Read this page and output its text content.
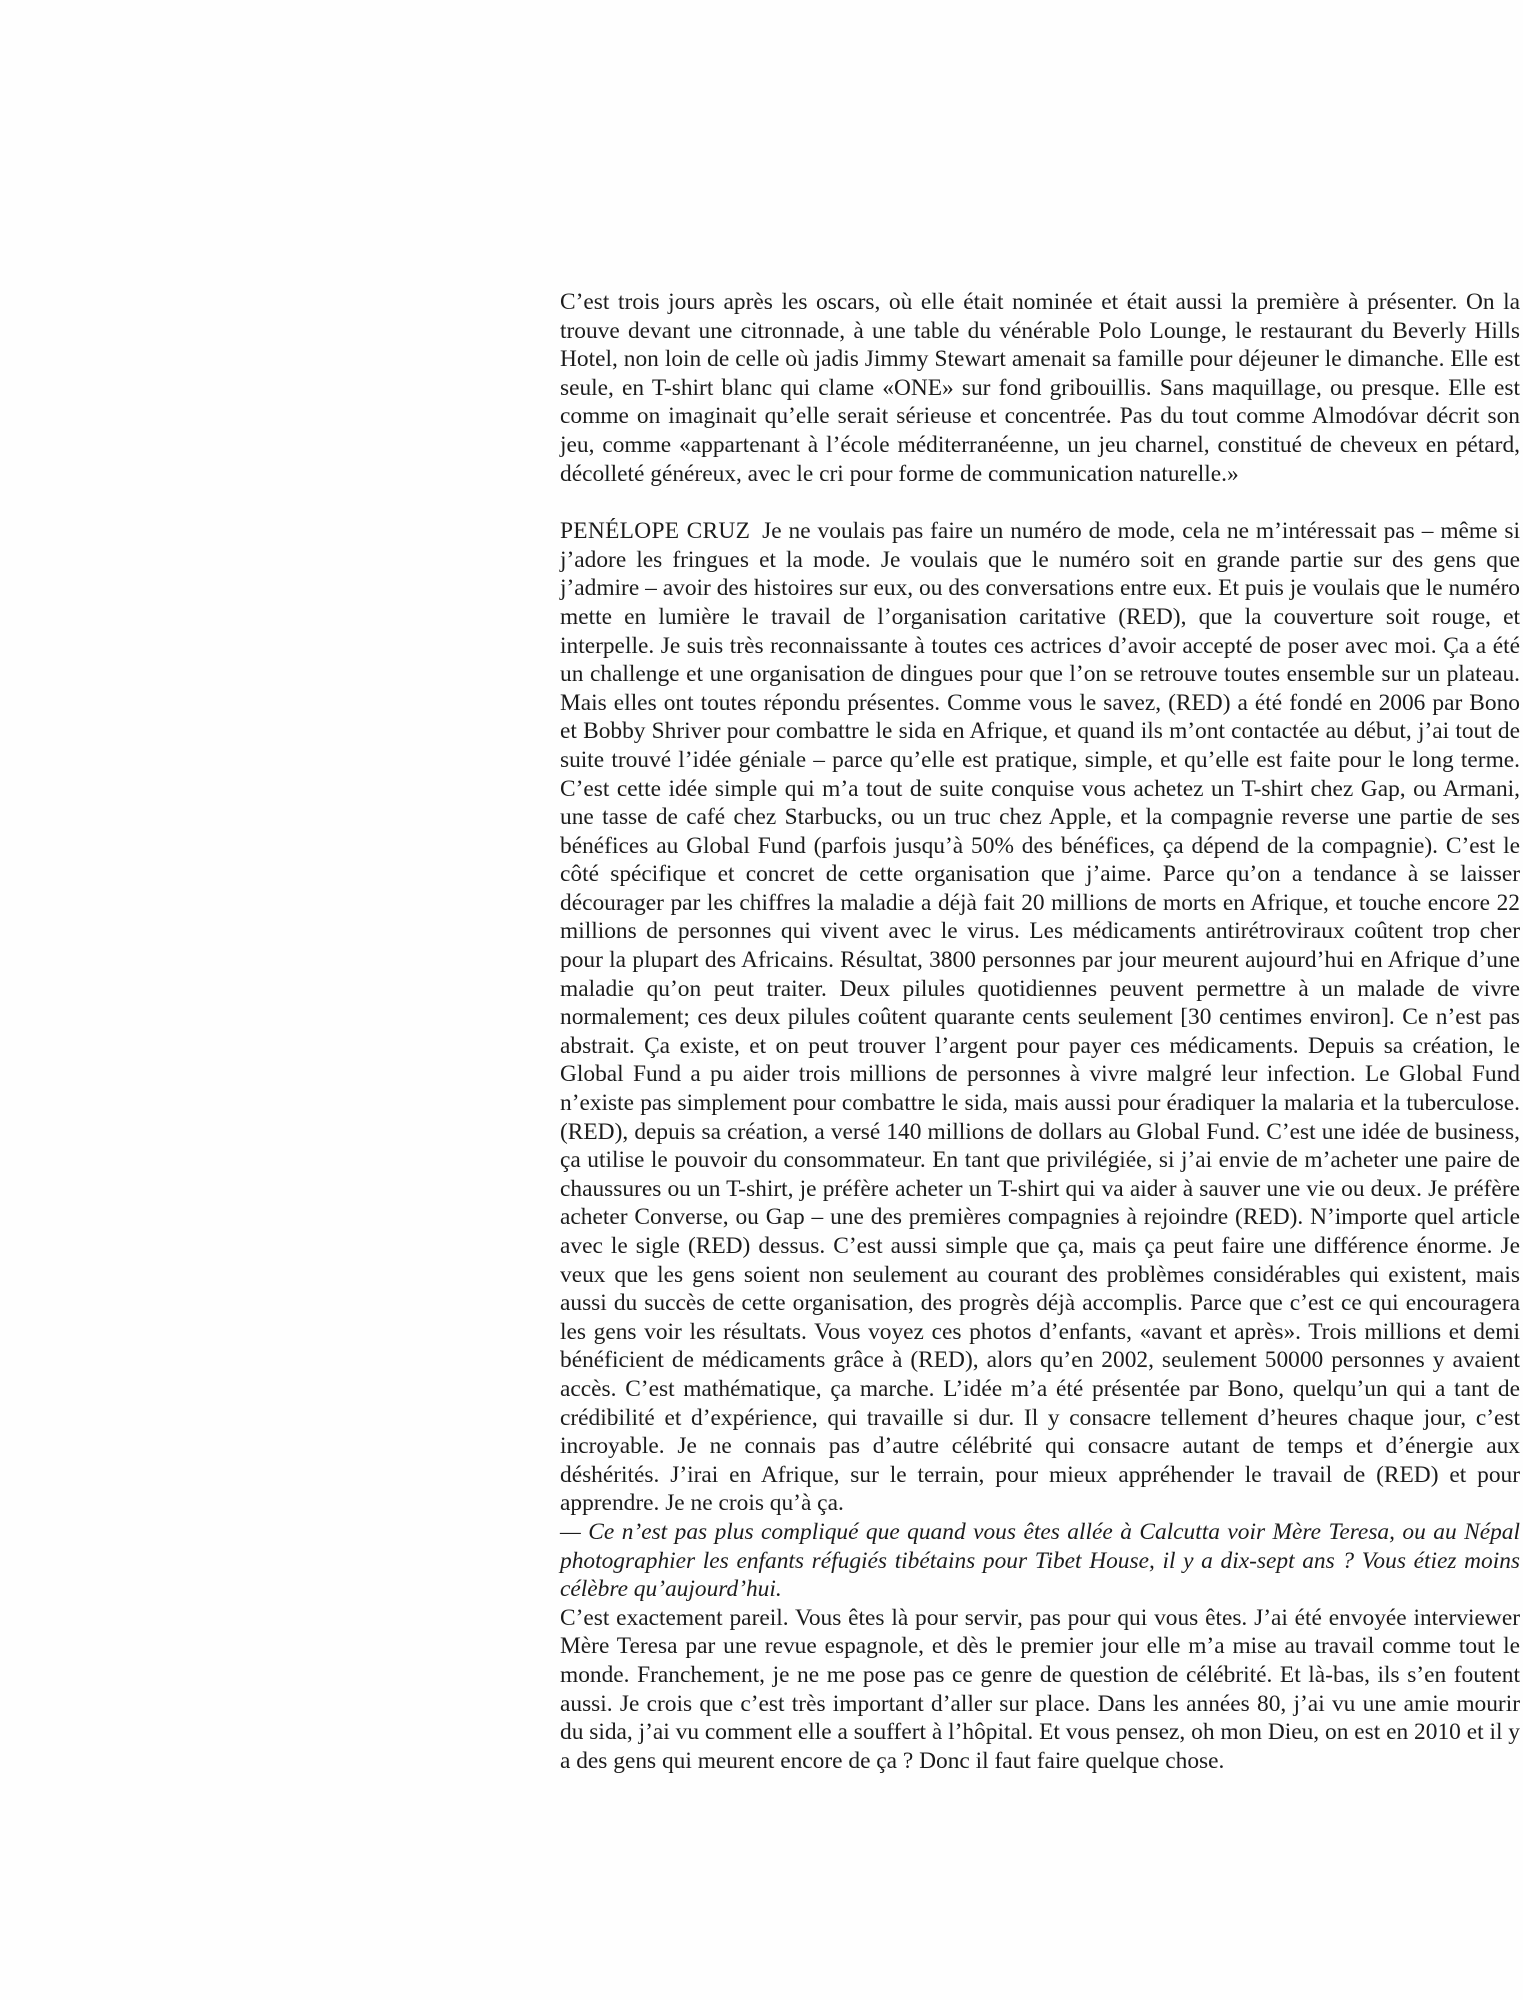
C’est trois jours après les oscars, où elle était nominée et était aussi la première à présenter. On la trouve devant une citronnade, à une table du vénérable Polo Lounge, le restaurant du Beverly Hills Hotel, non loin de celle où jadis Jimmy Stewart amenait sa famille pour déjeuner le dimanche. Elle est seule, en T-shirt blanc qui clame «ONE» sur fond gribouillis. Sans maquillage, ou presque. Elle est comme on imaginait qu’elle serait sérieuse et concentrée. Pas du tout comme Almodóvar décrit son jeu, comme «appartenant à l’école méditerranéenne, un jeu charnel, constitué de cheveux en pétard, décolleté généreux, avec le cri pour forme de communication naturelle.»

PENÉLOPE CRUZ Je ne voulais pas faire un numéro de mode, cela ne m’intéressait pas – même si j’adore les fringues et la mode. Je voulais que le numéro soit en grande partie sur des gens que j’admire – avoir des histoires sur eux, ou des conversations entre eux. Et puis je voulais que le numéro mette en lumière le travail de l’organisation caritative (RED), que la couverture soit rouge, et interpelle. Je suis très reconnaissante à toutes ces actrices d’avoir accepté de poser avec moi. Ça a été un challenge et une organisation de dingues pour que l’on se retrouve toutes ensemble sur un plateau. Mais elles ont toutes répondu présentes. Comme vous le savez, (RED) a été fondé en 2006 par Bono et Bobby Shriver pour combattre le sida en Afrique, et quand ils m’ont contactée au début, j’ai tout de suite trouvé l’idée géniale – parce qu’elle est pratique, simple, et qu’elle est faite pour le long terme. C’est cette idée simple qui m’a tout de suite conquise vous achetez un T-shirt chez Gap, ou Armani, une tasse de café chez Starbucks, ou un truc chez Apple, et la compagnie reverse une partie de ses bénéfices au Global Fund (parfois jusqu’à 50% des bénéfices, ça dépend de la compagnie). C’est le côté spécifique et concret de cette organisation que j’aime. Parce qu’on a tendance à se laisser décourager par les chiffres la maladie a déjà fait 20 millions de morts en Afrique, et touche encore 22 millions de personnes qui vivent avec le virus. Les médicaments antirétroviraux coûtent trop cher pour la plupart des Africains. Résultat, 3800 personnes par jour meurent aujourd’hui en Afrique d’une maladie qu’on peut traiter. Deux pilules quotidiennes peuvent permettre à un malade de vivre normalement; ces deux pilules coûtent quarante cents seulement [30 centimes environ]. Ce n’est pas abstrait. Ça existe, et on peut trouver l’argent pour payer ces médicaments. Depuis sa création, le Global Fund a pu aider trois millions de personnes à vivre malgré leur infection. Le Global Fund n’existe pas simplement pour combattre le sida, mais aussi pour éradiquer la malaria et la tuberculose. (RED), depuis sa création, a versé 140 millions de dollars au Global Fund. C’est une idée de business, ça utilise le pouvoir du consommateur. En tant que privilégiée, si j’ai envie de m’acheter une paire de chaussures ou un T-shirt, je préfère acheter un T-shirt qui va aider à sauver une vie ou deux. Je préfère acheter Converse, ou Gap – une des premières compagnies à rejoindre (RED). N’importe quel article avec le sigle (RED) dessus. C’est aussi simple que ça, mais ça peut faire une différence énorme. Je veux que les gens soient non seulement au courant des problèmes considérables qui existent, mais aussi du succès de cette organisation, des progrès déjà accomplis. Parce que c’est ce qui encouragera les gens voir les résultats. Vous voyez ces photos d’enfants, «avant et après». Trois millions et demi bénéficient de médicaments grâce à (RED), alors qu’en 2002, seulement 50000 personnes y avaient accès. C’est mathématique, ça marche. L’idée m’a été présentée par Bono, quelqu’un qui a tant de crédibilité et d’expérience, qui travaille si dur. Il y consacre tellement d’heures chaque jour, c’est incroyable. Je ne connais pas d’autre célébrité qui consacre autant de temps et d’énergie aux déshérités. J’irai en Afrique, sur le terrain, pour mieux appréhender le travail de (RED) et pour apprendre. Je ne crois qu’à ça.

— Ce n’est pas plus compliqué que quand vous êtes allée à Calcutta voir Mère Teresa, ou au Népal photographier les enfants réfugiés tibétains pour Tibet House, il y a dix-sept ans ? Vous étiez moins célèbre qu’aujourd’hui.

C’est exactement pareil. Vous êtes là pour servir, pas pour qui vous êtes. J’ai été envoyée interviewer Mère Teresa par une revue espagnole, et dès le premier jour elle m’a mise au travail comme tout le monde. Franchement, je ne me pose pas ce genre de question de célébrité. Et là-bas, ils s’en foutent aussi. Je crois que c’est très important d’aller sur place. Dans les années 80, j’ai vu une amie mourir du sida, j’ai vu comment elle a souffert à l’hôpital. Et vous pensez, oh mon Dieu, on est en 2010 et il y a des gens qui meurent encore de ça ? Donc il faut faire quelque chose.
